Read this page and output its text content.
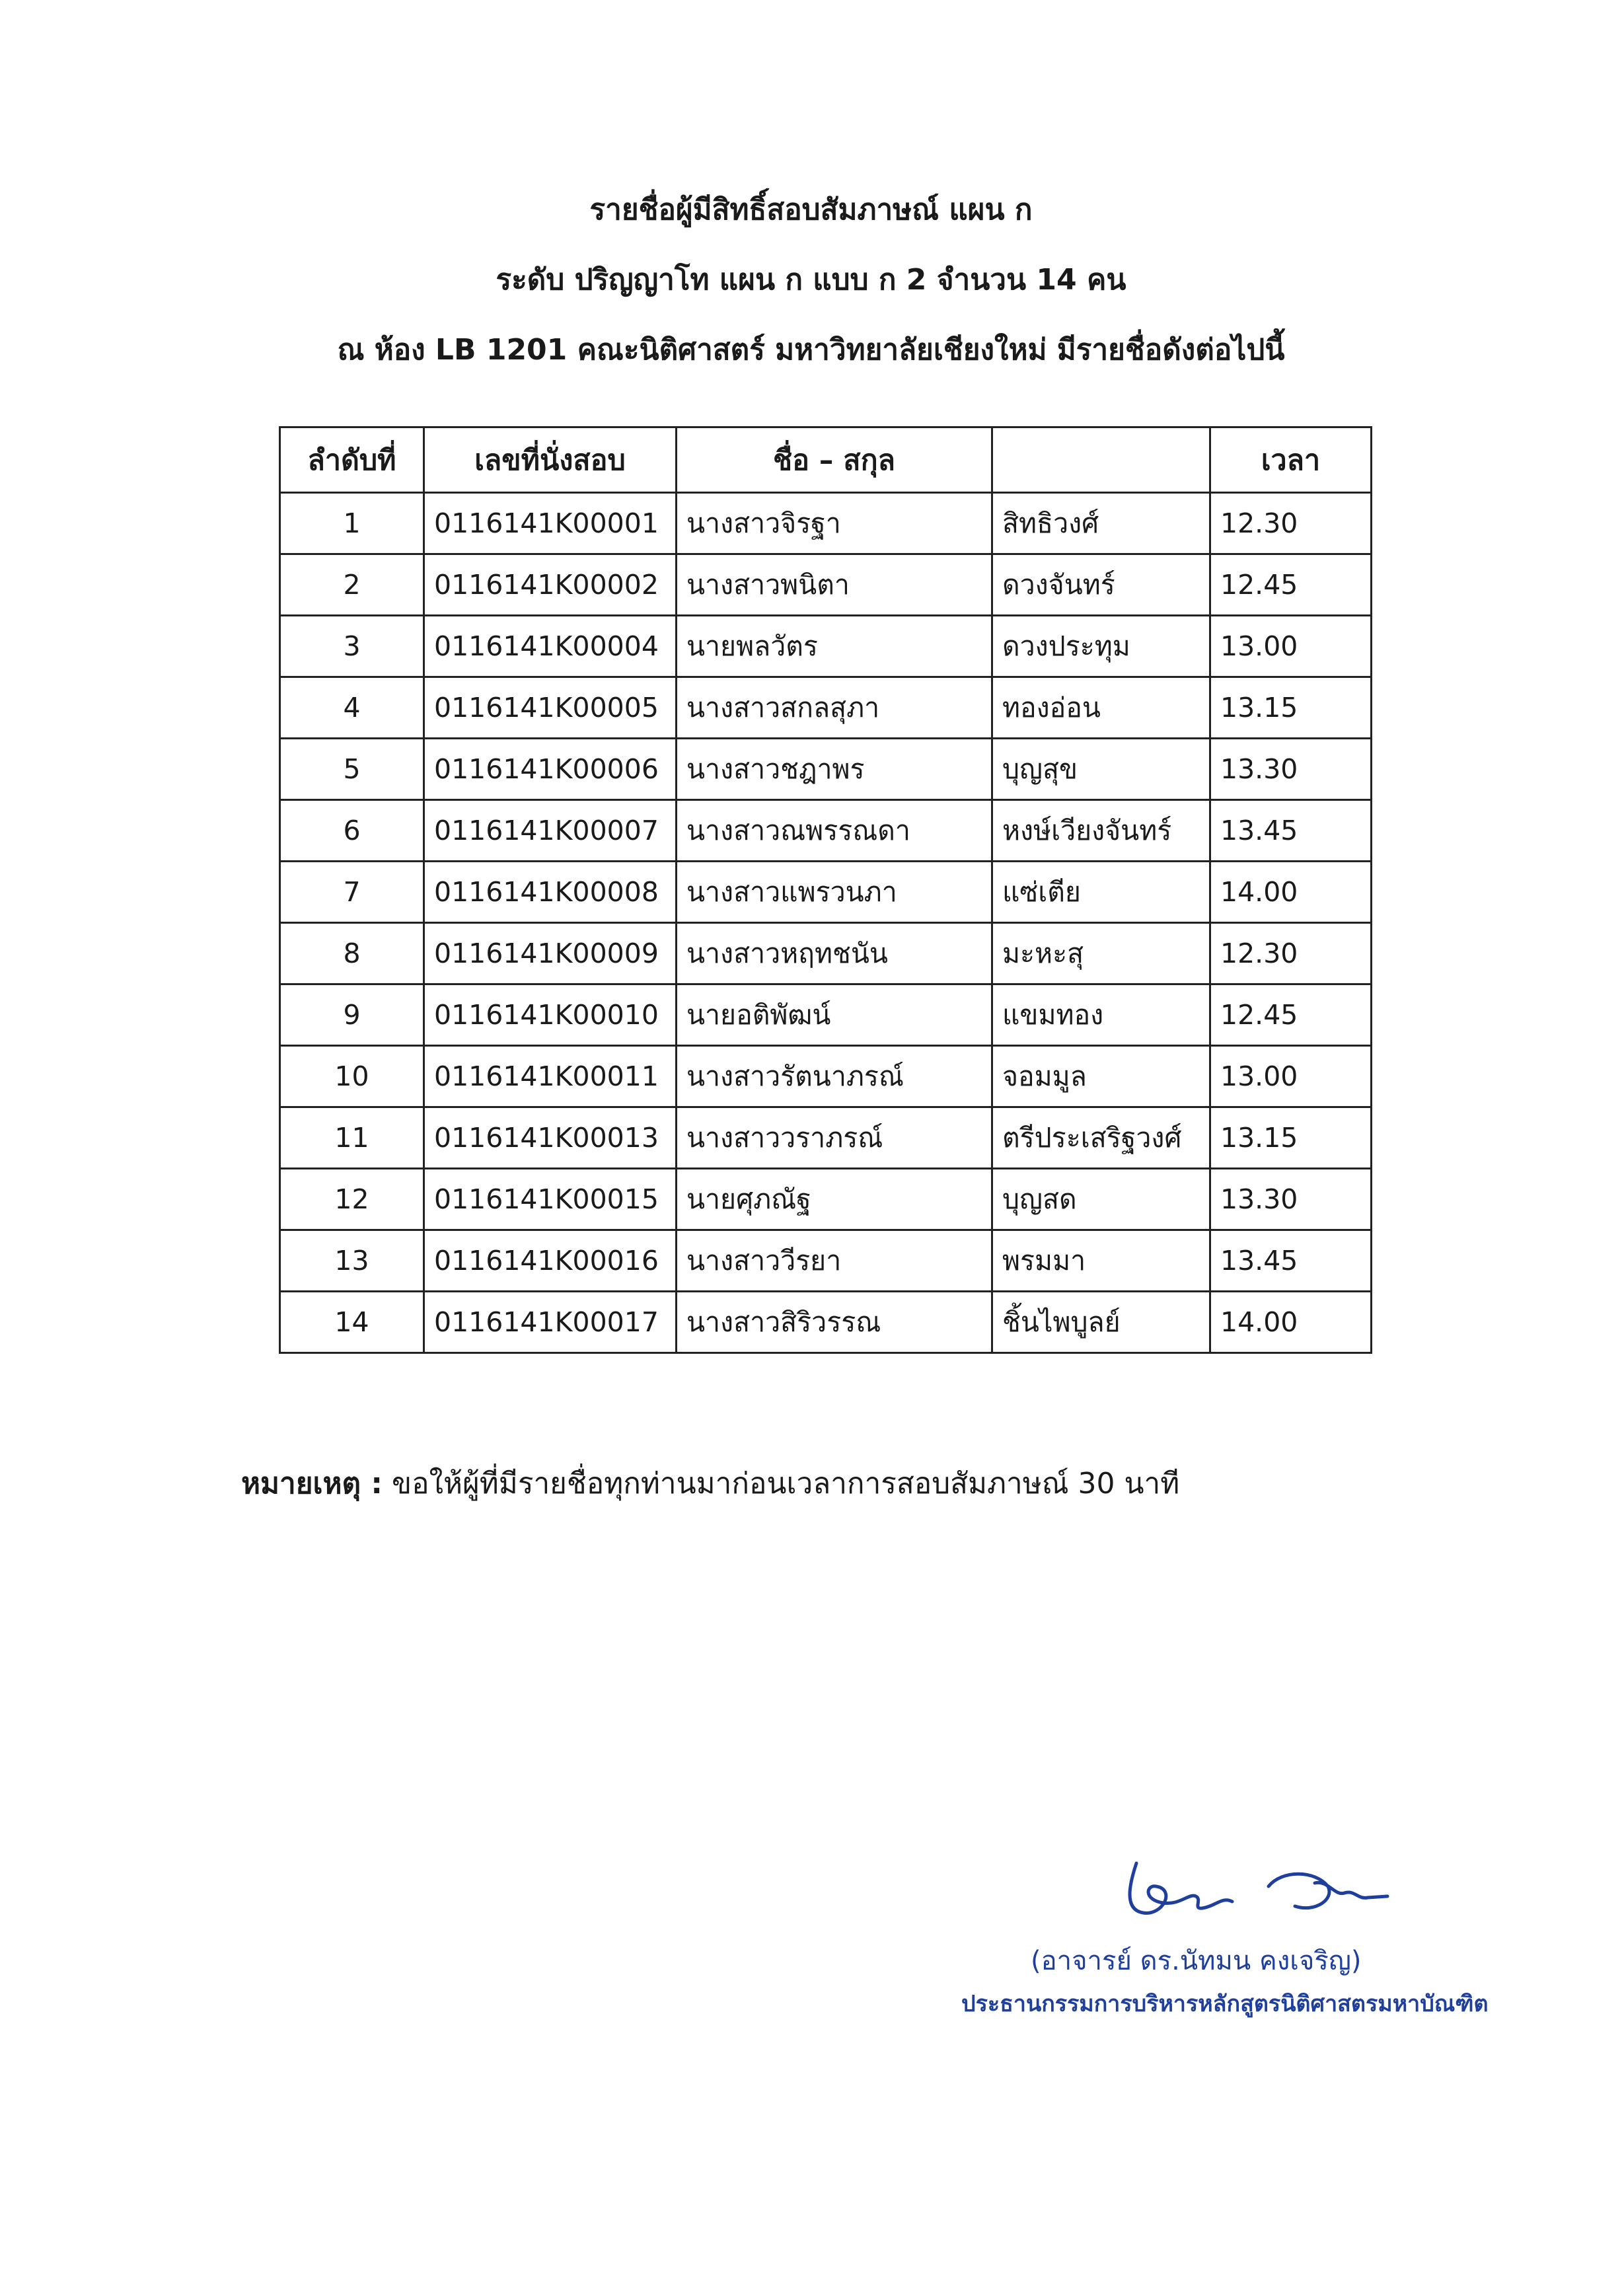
รายชื่อผู้มีสิทธิ์สอบสัมภาษณ์ แผน ก
ระดับ ปริญญาโท แผน ก แบบ ก 2 จำนวน 14 คน
ณ ห้อง LB 1201 คณะนิติศาสตร์ มหาวิทยาลัยเชียงใหม่ มีรายชื่อดังต่อไปนี้
ลำดับที่	เลขที่นั่งสอบ	ชื่อ – สกุล		เวลา
1	0116141K00001	นางสาวจิรฐา	สิทธิวงศ์	12.30
2	0116141K00002	นางสาวพนิตา	ดวงจันทร์	12.45
3	0116141K00004	นายพลวัตร	ดวงประทุม	13.00
4	0116141K00005	นางสาวสกลสุภา	ทองอ่อน	13.15
5	0116141K00006	นางสาวชฎาพร	บุญสุข	13.30
6	0116141K00007	นางสาวณพรรณดา	หงษ์เวียงจันทร์	13.45
7	0116141K00008	นางสาวแพรวนภา	แซ่เตีย	14.00
8	0116141K00009	นางสาวหฤทชนัน	มะหะสุ	12.30
9	0116141K00010	นายอติพัฒน์	แขมทอง	12.45
10	0116141K00011	นางสาวรัตนาภรณ์	จอมมูล	13.00
11	0116141K00013	นางสาววราภรณ์	ตรีประเสริฐวงศ์	13.15
12	0116141K00015	นายศุภณัฐ	บุญสด	13.30
13	0116141K00016	นางสาววีรยา	พรมมา	13.45
14	0116141K00017	นางสาวสิริวรรณ	ชิ้นไพบูลย์	14.00
หมายเหตุ : ขอให้ผู้ที่มีรายชื่อทุกท่านมาก่อนเวลาการสอบสัมภาษณ์ 30 นาที
(อาจารย์ ดร.นัทมน คงเจริญ)
ประธานกรรมการบริหารหลักสูตรนิติศาสตรมหาบัณฑิต
